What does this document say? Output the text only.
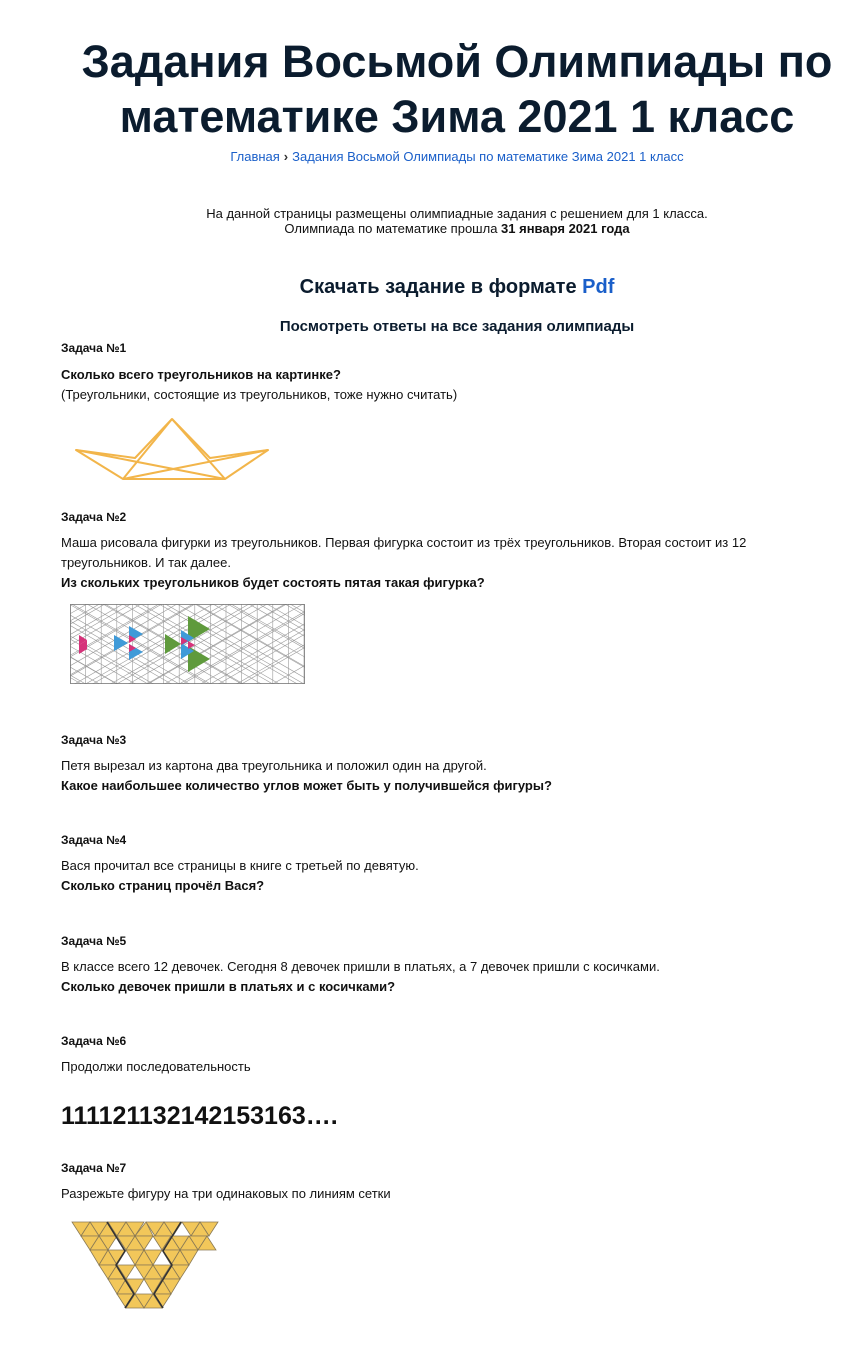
Задания Восьмой Олимпиады по математике Зима 2021 1 класс
Главная › Задания Восьмой Олимпиады по математике Зима 2021 1 класс
На данной страницы размещены олимпиадные задания с решением для 1 класса.
Олимпиада по математике прошла 31 января 2021 года
Скачать задание в формате Pdf
Посмотреть ответы на все задания олимпиады
Задача №1
Сколько всего треугольников на картинке?
(Треугольники, состоящие из треугольников, тоже нужно считать)
Задача №2
Маша рисовала фигурки из треугольников. Первая фигурка состоит из трёх треугольников. Вторая состоит из 12 треугольников. И так далее.
Из скольких треугольников будет состоять пятая такая фигурка?
Задача №3
Петя вырезал из картона два треугольника и положил один на другой.
Какое наибольшее количество углов может быть у получившейся фигуры?
Задача №4
Вася прочитал все страницы в книге с третьей по девятую.
Сколько страниц прочёл Вася?
Задача №5
В классе всего 12 девочек. Сегодня 8 девочек пришли в платьях, а 7 девочек пришли с косичками.
Сколько девочек пришли в платьях и с косичками?
Задача №6
Продолжи последовательность
111121132142153163….
Задача №7
Разрежьте фигуру на три одинаковых по линиям сетки
